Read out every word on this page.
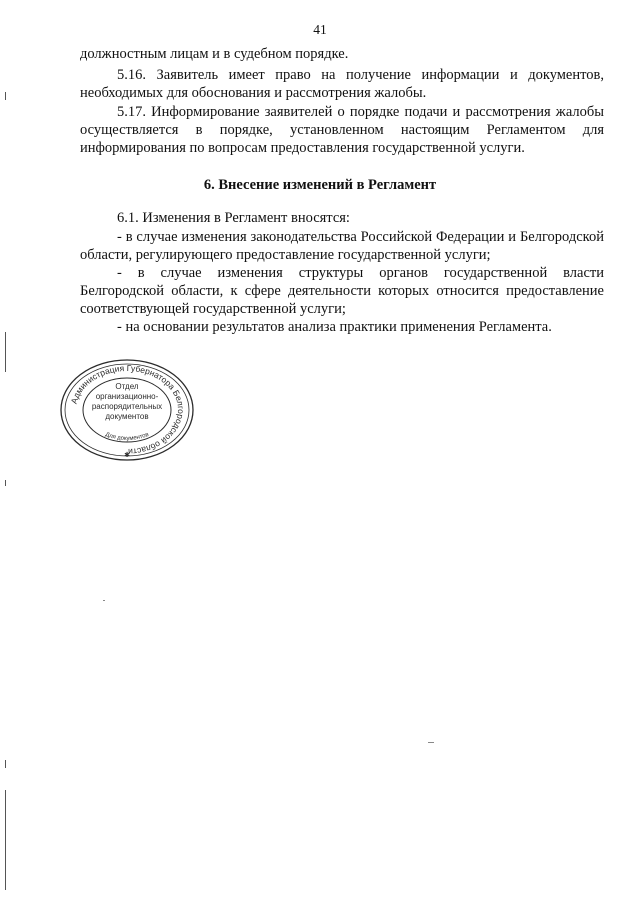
41

должностным лицам и в судебном порядке.

5.16. Заявитель имеет право на получение информации и документов, необходимых для обоснования и рассмотрения жалобы.

5.17. Информирование заявителей о порядке подачи и рассмотрения жалобы осуществляется в порядке, установленном настоящим Регламентом для информирования по вопросам предоставления государственной услуги.

6. Внесение изменений в Регламент

6.1. Изменения в Регламент вносятся:

- в случае изменения законодательства Российской Федерации и Белгородской области, регулирующего предоставление государственной услуги;

- в случае изменения структуры органов государственной власти Белгородской области, к сфере деятельности которых относится предоставление соответствующей государственной услуги;

- на основании результатов анализа практики применения Регламента.

Администрация Губернатора Белгородской области
Отдел
организационно-
распорядительных
документов
Для документов
✱
